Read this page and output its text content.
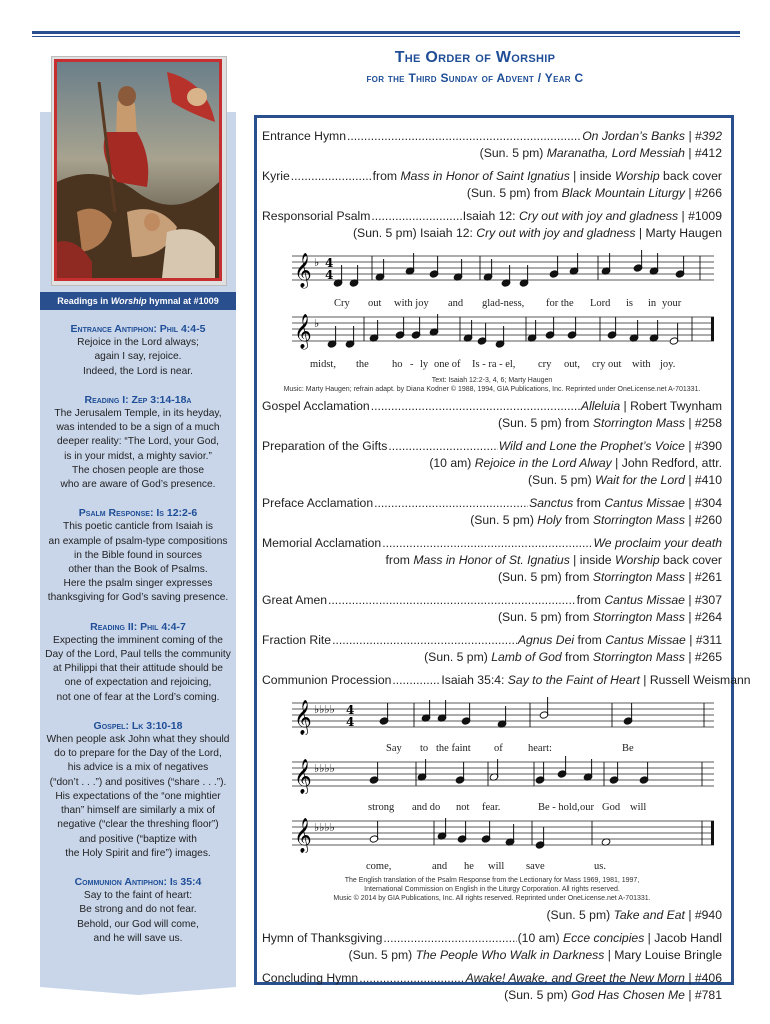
The Order of Worship
for the Third Sunday of Advent / Year C
Readings in Worship hymnal at #1009
Entrance Antiphon: Phil 4:4-5
Rejoice in the Lord always;
again I say, rejoice.
Indeed, the Lord is near.
Reading I: Zep 3:14-18a
The Jerusalem Temple, in its heyday,
was intended to be a sign of a much
deeper reality: “The Lord, your God,
is in your midst, a mighty savior.”
The chosen people are those
who are aware of God’s presence.
Psalm Response: Is 12:2-6
This poetic canticle from Isaiah is
an example of psalm-type compositions
in the Bible found in sources
other than the Book of Psalms.
Here the psalm singer expresses
thanksgiving for God’s saving presence.
Reading II: Phil 4:4-7
Expecting the imminent coming of the
Day of the Lord, Paul tells the community
at Philippi that their attitude should be
one of expectation and rejoicing,
not one of fear at the Lord’s coming.
Gospel: Lk 3:10-18
When people ask John what they should
do to prepare for the Day of the Lord,
his advice is a mix of negatives
(“don’t . . .”) and positives (“share . . .”).
His expectations of the “one mightier
than” himself are similarly a mix of
negative (“clear the threshing floor”)
and positive (“baptize with
the Holy Spirit and fire”) images.
Communion Antiphon: Is 35:4
Say to the faint of heart:
Be strong and do not fear.
Behold, our God will come,
and he will save us.
Entrance Hymn .....	On Jordan’s Banks | #392
(Sun. 5 pm) Maranatha, Lord Messiah | #412
Kyrie .....	from Mass in Honor of Saint Ignatius | inside Worship back cover
(Sun. 5 pm) from Black Mountain Liturgy | #266
Responsorial Psalm .....	Isaiah 12: Cry out with joy and gladness | #1009
(Sun. 5 pm) Isaiah 12: Cry out with joy and gladness | Marty Haugen
𝄞 ♭ 4
4
Cry out with joy and glad-ness, for the Lord is in your
𝄞 ♭
midst, the ho - ly one of Is - ra - el, cry out, cry out with joy.
Text: Isaiah 12:2-3, 4, 6; Marty Haugen
Music: Marty Haugen; refrain adapt. by Diana Kodner © 1988, 1994, GIA Publications, Inc. Reprinted under OneLicense.net A-701331.
Gospel Acclamation .....	Alleluia | Robert Twynham
(Sun. 5 pm) from Storrington Mass | #258
Preparation of the Gifts .....	Wild and Lone the Prophet’s Voice | #390
(10 am) Rejoice in the Lord Alway | John Redford, attr.
(Sun. 5 pm) Wait for the Lord | #410
Preface Acclamation .....	Sanctus from Cantus Missae | #304
(Sun. 5 pm) Holy from Storrington Mass | #260
Memorial Acclamation .....	We proclaim your death
from Mass in Honor of St. Ignatius | inside Worship back cover
(Sun. 5 pm) from Storrington Mass | #261
Great Amen .....	from Cantus Missae | #307
(Sun. 5 pm) from Storrington Mass | #264
Fraction Rite .....	Agnus Dei from Cantus Missae | #311
(Sun. 5 pm) Lamb of God from Storrington Mass | #265
Communion Procession .....	Isaiah 35:4: Say to the Faint of Heart | Russell Weismann
𝄞 ♭♭♭♭ 4
4
Say to the faint of heart:	Be
𝄞 ♭♭♭♭
strong and do not fear.	Be - hold, our God will
𝄞 ♭♭♭♭
come,	and he will save	us.
The English translation of the Psalm Response from the Lectionary for Mass 1969, 1981, 1997,
International Commission on English in the Liturgy Corporation. All rights reserved.
Music © 2014 by GIA Publications, Inc. All rights reserved. Reprinted under OneLicense.net A-701331.
(Sun. 5 pm) Take and Eat | #940
Hymn of Thanksgiving .....	(10 am) Ecce concipies | Jacob Handl
(Sun. 5 pm) The People Who Walk in Darkness | Mary Louise Bringle
Concluding Hymn .....	Awake! Awake, and Greet the New Morn | #406
(Sun. 5 pm) God Has Chosen Me | #781
